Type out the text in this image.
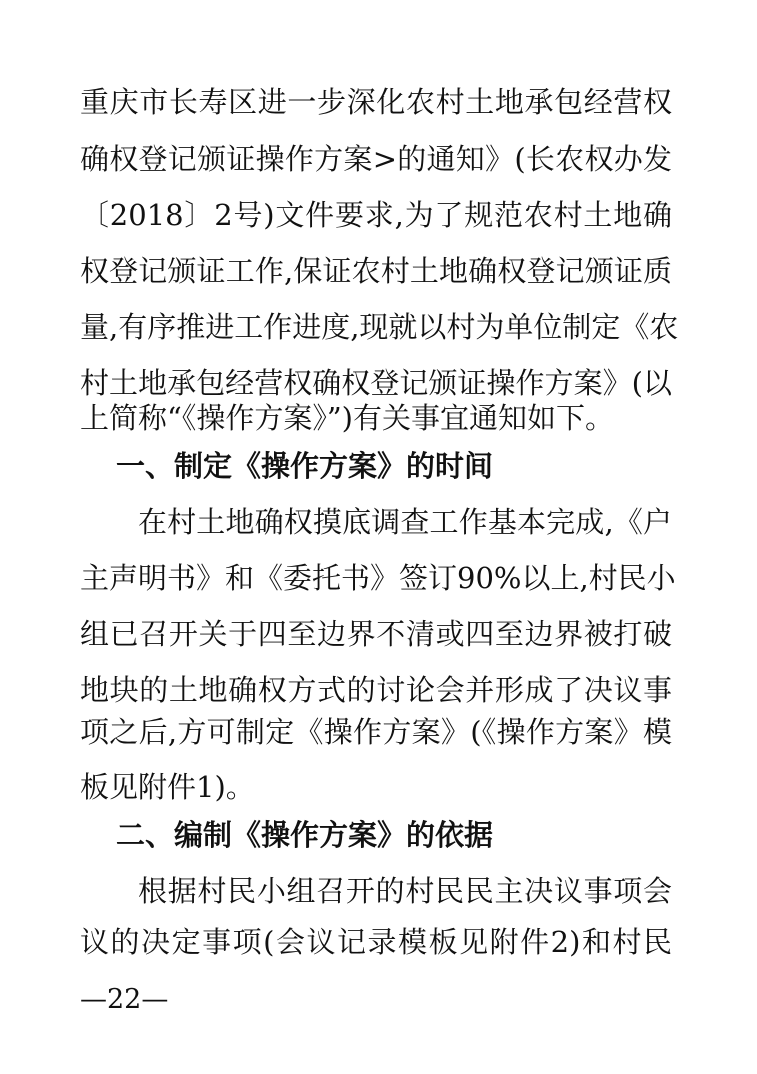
重庆市长寿区进一步深化农村土地承包经营权
确权登记颁证操作方案>的通知》(长农权办发
〔2018〕2号)文件要求,为了规范农村土地确
权登记颁证工作,保证农村土地确权登记颁证质
量,有序推进工作进度,现就以村为单位制定《农
村土地承包经营权确权登记颁证操作方案》(以
上简称“《操作方案》”)有关事宜通知如下。
一、制定《操作方案》的时间
在村土地确权摸底调查工作基本完成,《户
主声明书》和《委托书》签订90%以上,村民小
组已召开关于四至边界不清或四至边界被打破
地块的土地确权方式的讨论会并形成了决议事
项之后,方可制定《操作方案》(《操作方案》模
板见附件1)。
二、编制《操作方案》的依据
根据村民小组召开的村民民主决议事项会
议的决定事项(会议记录模板见附件2)和村民
—22—
